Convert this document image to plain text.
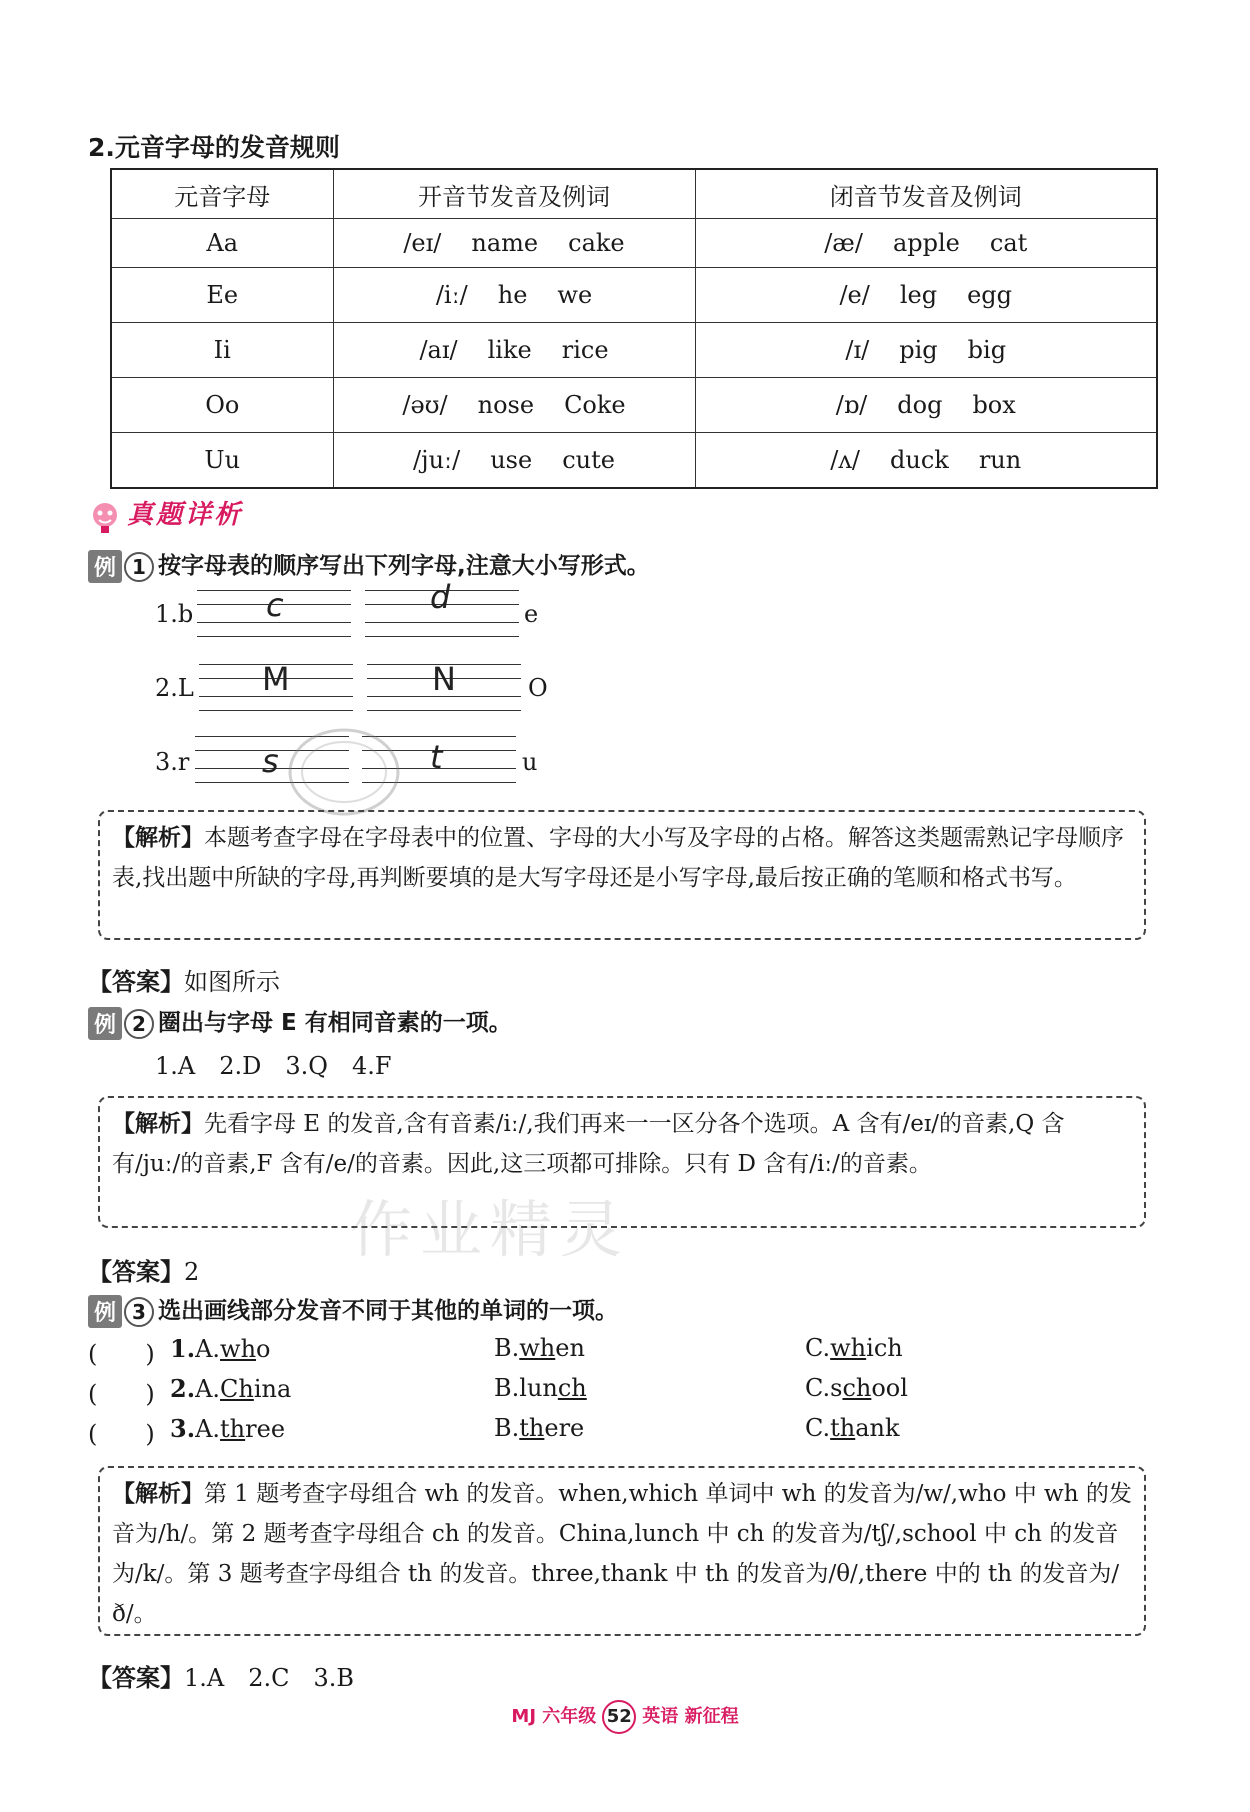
2.元音字母的发音规则
元音字母	开音节发音及例词	闭音节发音及例词
Aa	/eɪ/ name cake	/æ/ apple cat
Ee	/iː/ he we	/e/ leg egg
Ii	/aɪ/ like rice	/ɪ/ pig big
Oo	/əʊ/ nose Coke	/ɒ/ dog box
Uu	/juː/ use cute	/ʌ/ duck run
真题详析
例 1 按字母表的顺序写出下列字母,注意大小写形式。
1.b c	d	e
2.L M	N	O
3.r s	t	u
【解析】本题考查字母在字母表中的位置、字母的大小写及字母的占格。解答这类题需熟记字母顺序表,找出题中所缺的字母,再判断要填的是大写字母还是小写字母,最后按正确的笔顺和格式书写。
【答案】如图所示
例 2 圈出与字母 E 有相同音素的一项。
1.A　2.D　3.Q　4.F
【解析】先看字母 E 的发音,含有音素/iː/,我们再来一一区分各个选项。A 含有/eɪ/的音素,Q 含有/juː/的音素,F 含有/e/的音素。因此,这三项都可排除。只有 D 含有/iː/的音素。
【答案】2
例 3 选出画线部分发音不同于其他的单词的一项。
(　　) 1.A.who	B.when	C.which
(　　) 2.A.China	B.lunch	C.school
(　　) 3.A.three	B.there	C.thank
【解析】第 1 题考查字母组合 wh 的发音。when,which 单词中 wh 的发音为/w/,who 中 wh 的发音为/h/。第 2 题考查字母组合 ch 的发音。China,lunch 中 ch 的发音为/tʃ/,school 中 ch 的发音为/k/。第 3 题考查字母组合 th 的发音。three,thank 中 th 的发音为/θ/,there 中的 th 的发音为/ð/。
【答案】1.A　2.C　3.B
作业精灵
MJ 六年级 52 英语 新征程
